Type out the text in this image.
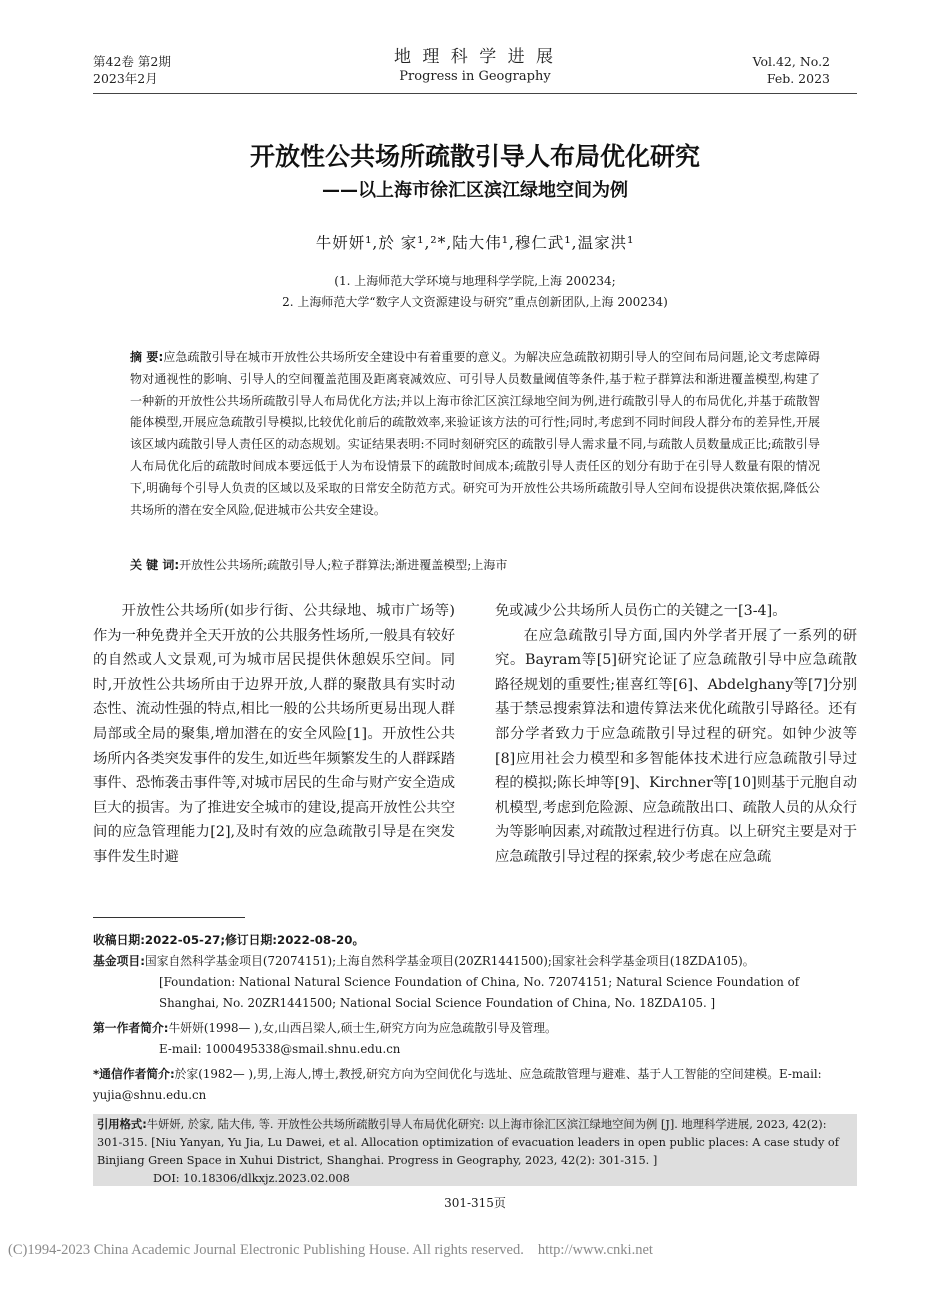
第42卷 第2期
2023年2月
地 理 科 学 进 展
Progress in Geography
Vol.42, No.2
Feb. 2023
开放性公共场所疏散引导人布局优化研究
——以上海市徐汇区滨江绿地空间为例
牛妍妍¹,於 家¹,²*,陆大伟¹,穆仁武¹,温家洪¹
(1. 上海师范大学环境与地理科学学院,上海 200234;
2. 上海师范大学“数字人文资源建设与研究”重点创新团队,上海 200234)
摘 要:应急疏散引导在城市开放性公共场所安全建设中有着重要的意义。为解决应急疏散初期引导人的空间布局问题,论文考虑障碍物对通视性的影响、引导人的空间覆盖范围及距离衰减效应、可引导人员数量阈值等条件,基于粒子群算法和渐进覆盖模型,构建了一种新的开放性公共场所疏散引导人布局优化方法;并以上海市徐汇区滨江绿地空间为例,进行疏散引导人的布局优化,并基于疏散智能体模型,开展应急疏散引导模拟,比较优化前后的疏散效率,来验证该方法的可行性;同时,考虑到不同时间段人群分布的差异性,开展该区域内疏散引导人责任区的动态规划。实证结果表明:不同时刻研究区的疏散引导人需求量不同,与疏散人员数量成正比;疏散引导人布局优化后的疏散时间成本要远低于人为布设情景下的疏散时间成本;疏散引导人责任区的划分有助于在引导人数量有限的情况下,明确每个引导人负责的区域以及采取的日常安全防范方式。研究可为开放性公共场所疏散引导人空间布设提供决策依据,降低公共场所的潜在安全风险,促进城市公共安全建设。
关 键 词:开放性公共场所;疏散引导人;粒子群算法;渐进覆盖模型;上海市
开放性公共场所(如步行街、公共绿地、城市广场等)作为一种免费并全天开放的公共服务性场所,一般具有较好的自然或人文景观,可为城市居民提供休憩娱乐空间。同时,开放性公共场所由于边界开放,人群的聚散具有实时动态性、流动性强的特点,相比一般的公共场所更易出现人群局部或全局的聚集,增加潜在的安全风险[1]。开放性公共场所内各类突发事件的发生,如近些年频繁发生的人群踩踏事件、恐怖袭击事件等,对城市居民的生命与财产安全造成巨大的损害。为了推进安全城市的建设,提高开放性公共空间的应急管理能力[2],及时有效的应急疏散引导是在突发事件发生时避
免或减少公共场所人员伤亡的关键之一[3-4]。
在应急疏散引导方面,国内外学者开展了一系列的研究。Bayram等[5]研究论证了应急疏散引导中应急疏散路径规划的重要性;崔喜红等[6]、Abdelghany等[7]分别基于禁忌搜索算法和遗传算法来优化疏散引导路径。还有部分学者致力于应急疏散引导过程的研究。如钟少波等[8]应用社会力模型和多智能体技术进行应急疏散引导过程的模拟;陈长坤等[9]、Kirchner等[10]则基于元胞自动机模型,考虑到危险源、应急疏散出口、疏散人员的从众行为等影响因素,对疏散过程进行仿真。以上研究主要是对于应急疏散引导过程的探索,较少考虑在应急疏
收稿日期:2022-05-27;修订日期:2022-08-20。
基金项目:国家自然科学基金项目(72074151);上海自然科学基金项目(20ZR1441500);国家社会科学基金项目(18ZDA105)。
[Foundation: National Natural Science Foundation of China, No. 72074151; Natural Science Foundation of Shanghai, No. 20ZR1441500; National Social Science Foundation of China, No. 18ZDA105. ]
第一作者简介:牛妍妍(1998— ),女,山西吕梁人,硕士生,研究方向为应急疏散引导及管理。
E-mail: 1000495338@smail.shnu.edu.cn
*通信作者简介:於家(1982— ),男,上海人,博士,教授,研究方向为空间优化与选址、应急疏散管理与避难、基于人工智能的空间建模。E-mail: yujia@shnu.edu.cn
引用格式:牛妍妍, 於家, 陆大伟, 等. 开放性公共场所疏散引导人布局优化研究: 以上海市徐汇区滨江绿地空间为例 [J]. 地理科学进展, 2023, 42(2): 301-315. [Niu Yanyan, Yu Jia, Lu Dawei, et al. Allocation optimization of evacuation leaders in open public places: A case study of Binjiang Green Space in Xuhui District, Shanghai. Progress in Geography, 2023, 42(2): 301-315. ]
DOI: 10.18306/dlkxjz.2023.02.008
301-315页
(C)1994-2023 China Academic Journal Electronic Publishing House. All rights reserved. http://www.cnki.net
